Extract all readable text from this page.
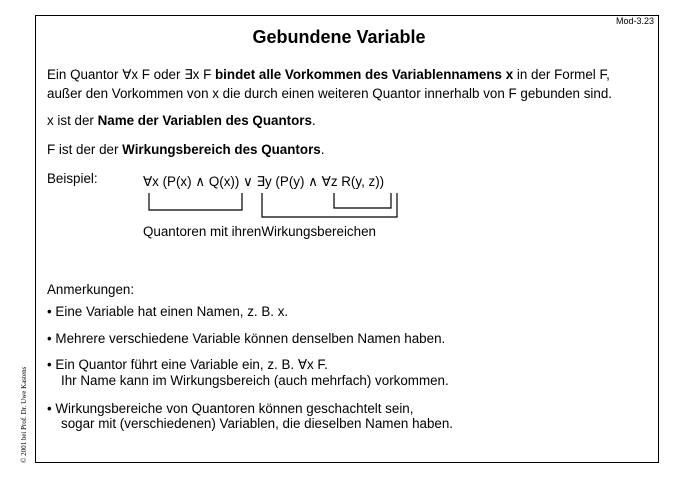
Mod-3.23
Gebundene Variable
Ein Quantor ∀x F oder ∃x F bindet alle Vorkommen des Variablennamens x in der Formel F,
außer den Vorkommen von x die durch einen weiteren Quantor innerhalb von F gebunden sind.
x ist der Name der Variablen des Quantors.
F ist der der Wirkungsbereich des Quantors.
Beispiel:	∀x (P(x) ∧ Q(x)) ∨ ∃y (P(y) ∧ ∀z R(y, z))
Quantoren mit ihrenWirkungsbereichen
Anmerkungen:
• Eine Variable hat einen Namen, z. B. x.
• Mehrere verschiedene Variable können denselben Namen haben.
• Ein Quantor führt eine Variable ein, z. B. ∀x F.
Ihr Name kann im Wirkungsbereich (auch mehrfach) vorkommen.
• Wirkungsbereiche von Quantoren können geschachtelt sein,
sogar mit (verschiedenen) Variablen, die dieselben Namen haben.
© 2001 bei Prof. Dr. Uwe Kastens
